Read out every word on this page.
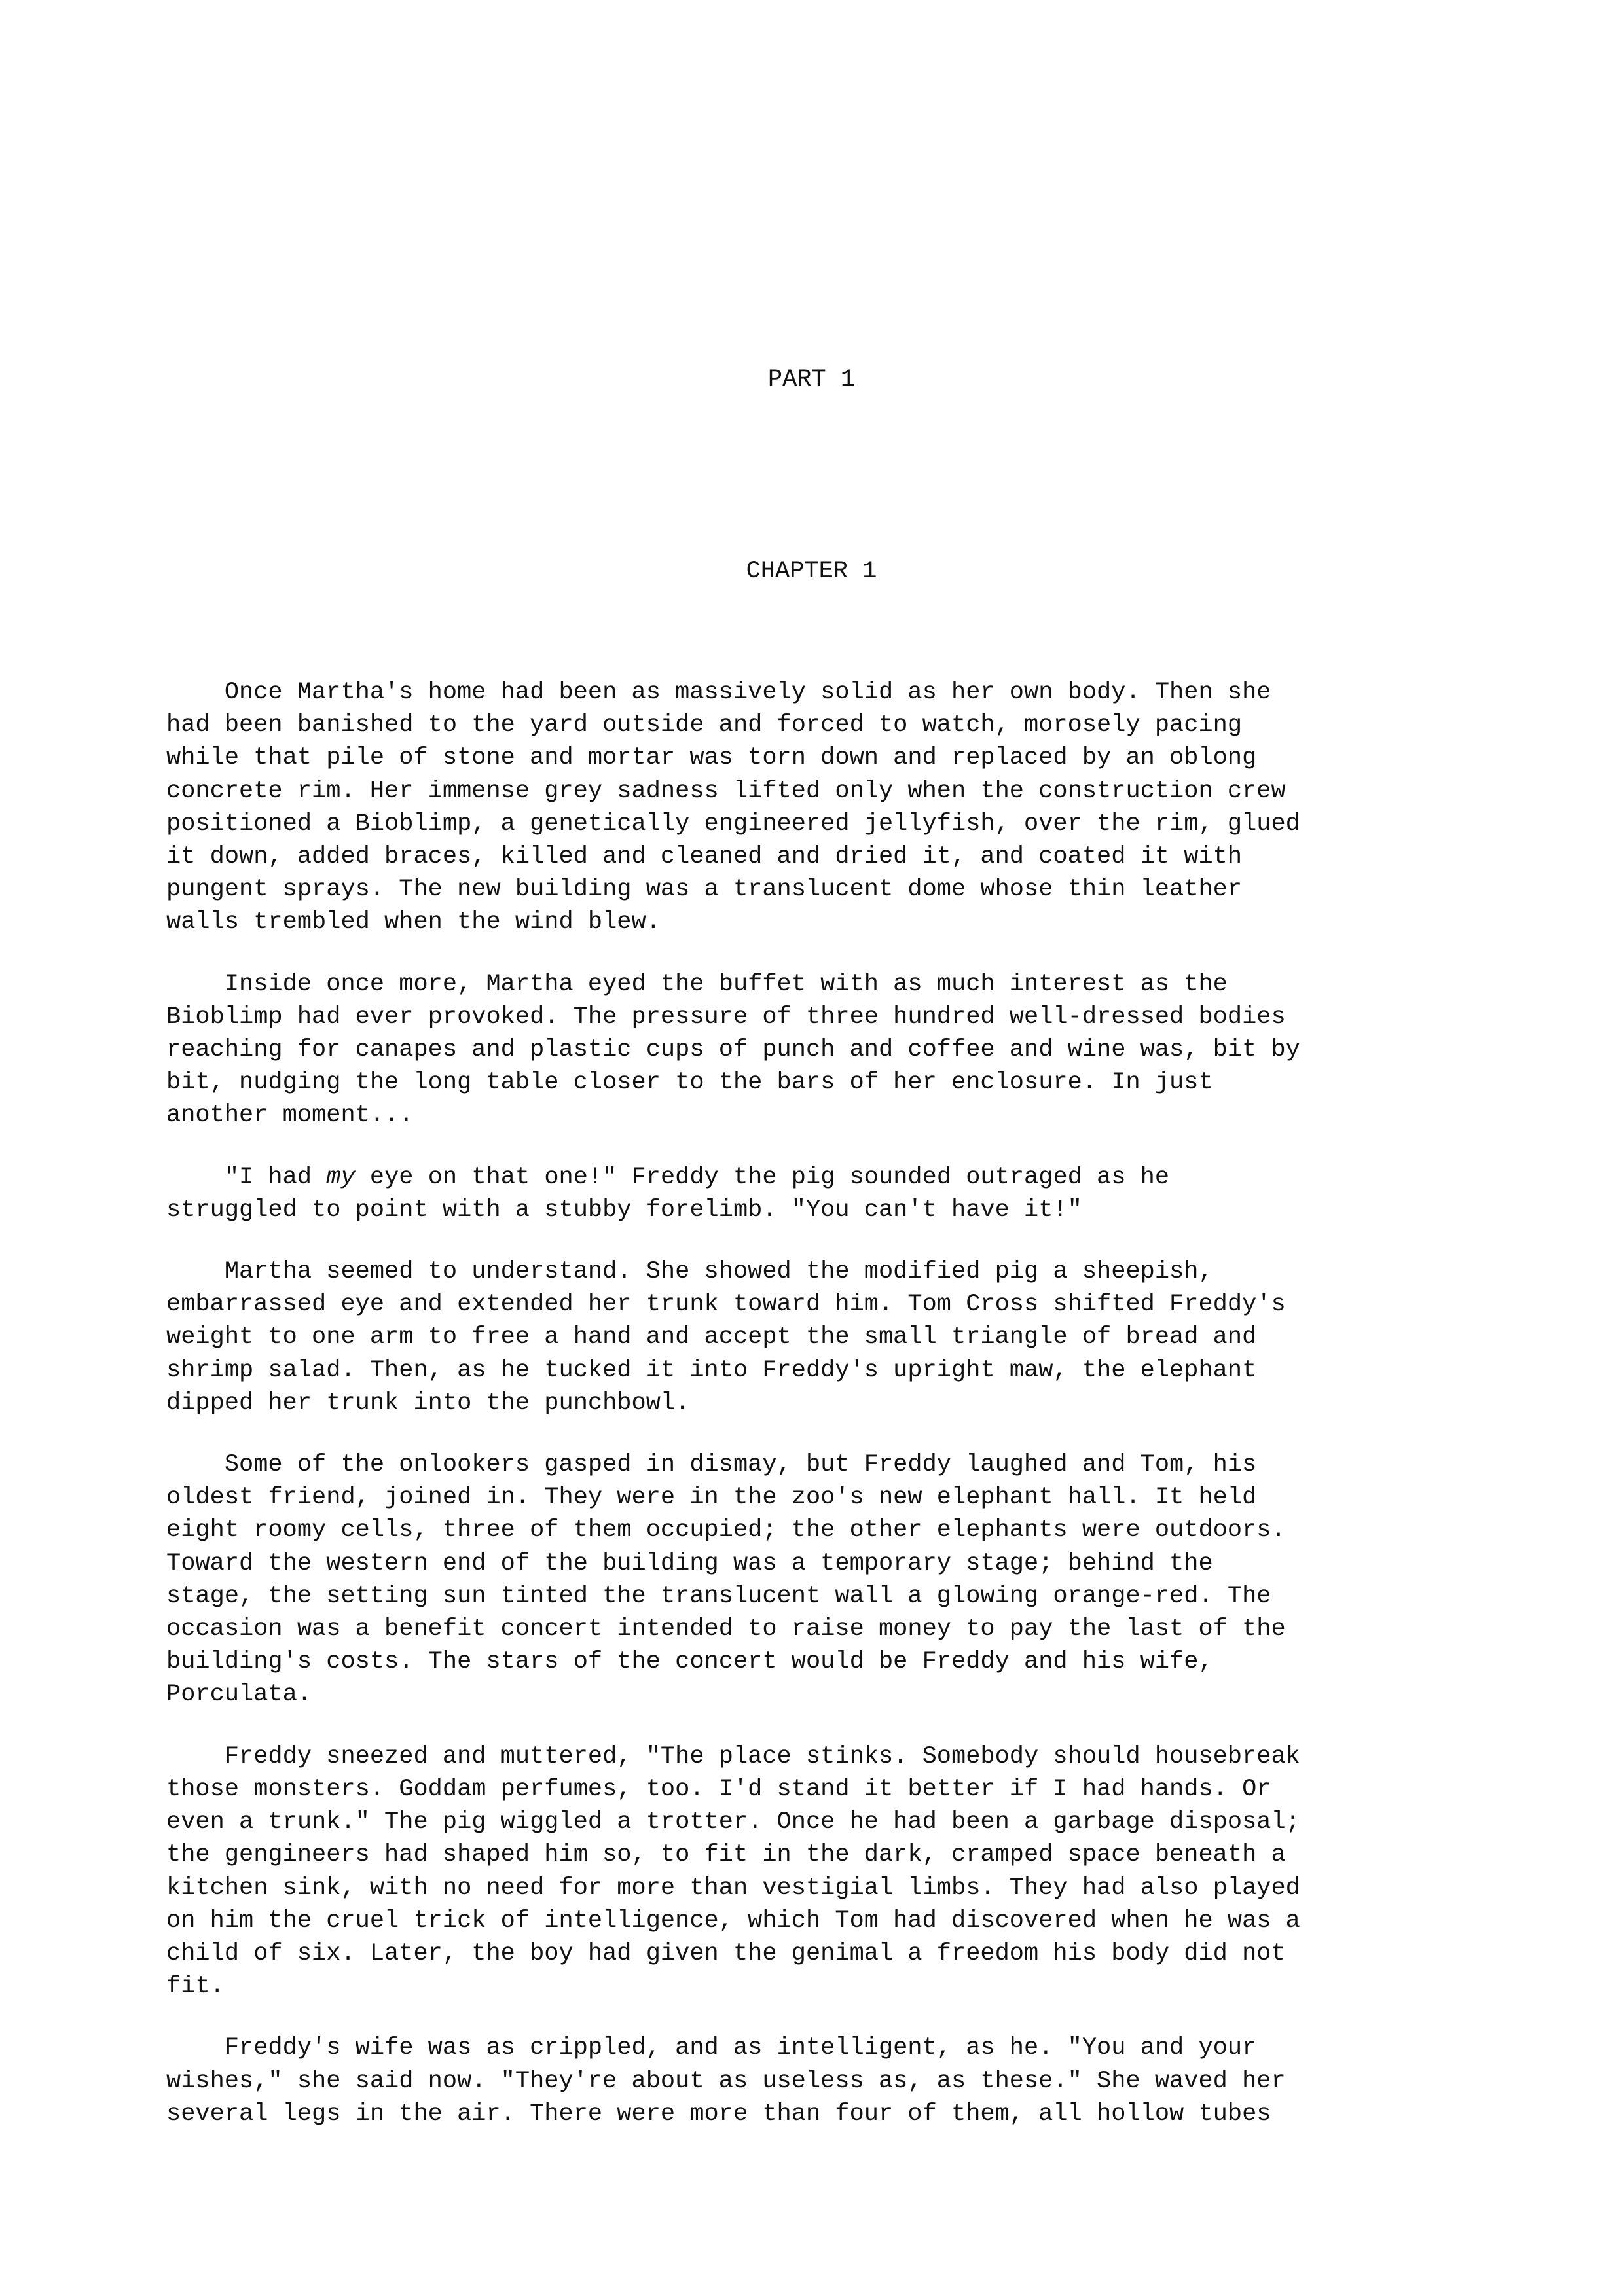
PART 1
CHAPTER 1

Once Martha's home had been as massively solid as her own body. Then she
had been banished to the yard outside and forced to watch, morosely pacing
while that pile of stone and mortar was torn down and replaced by an oblong
concrete rim. Her immense grey sadness lifted only when the construction crew
positioned a Bioblimp, a genetically engineered jellyfish, over the rim, glued
it down, added braces, killed and cleaned and dried it, and coated it with
pungent sprays. The new building was a translucent dome whose thin leather
walls trembled when the wind blew.

Inside once more, Martha eyed the buffet with as much interest as the
Bioblimp had ever provoked. The pressure of three hundred well-dressed bodies
reaching for canapes and plastic cups of punch and coffee and wine was, bit by
bit, nudging the long table closer to the bars of her enclosure. In just
another moment...

"I had my eye on that one!" Freddy the pig sounded outraged as he
struggled to point with a stubby forelimb. "You can't have it!"

Martha seemed to understand. She showed the modified pig a sheepish,
embarrassed eye and extended her trunk toward him. Tom Cross shifted Freddy's
weight to one arm to free a hand and accept the small triangle of bread and
shrimp salad. Then, as he tucked it into Freddy's upright maw, the elephant
dipped her trunk into the punchbowl.

Some of the onlookers gasped in dismay, but Freddy laughed and Tom, his
oldest friend, joined in. They were in the zoo's new elephant hall. It held
eight roomy cells, three of them occupied; the other elephants were outdoors.
Toward the western end of the building was a temporary stage; behind the
stage, the setting sun tinted the translucent wall a glowing orange-red. The
occasion was a benefit concert intended to raise money to pay the last of the
building's costs. The stars of the concert would be Freddy and his wife,
Porculata.

Freddy sneezed and muttered, "The place stinks. Somebody should housebreak
those monsters. Goddam perfumes, too. I'd stand it better if I had hands. Or
even a trunk." The pig wiggled a trotter. Once he had been a garbage disposal;
the gengineers had shaped him so, to fit in the dark, cramped space beneath a
kitchen sink, with no need for more than vestigial limbs. They had also played
on him the cruel trick of intelligence, which Tom had discovered when he was a
child of six. Later, the boy had given the genimal a freedom his body did not
fit.

Freddy's wife was as crippled, and as intelligent, as he. "You and your
wishes," she said now. "They're about as useless as, as these." She waved her
several legs in the air. There were more than four of them, all hollow tubes
